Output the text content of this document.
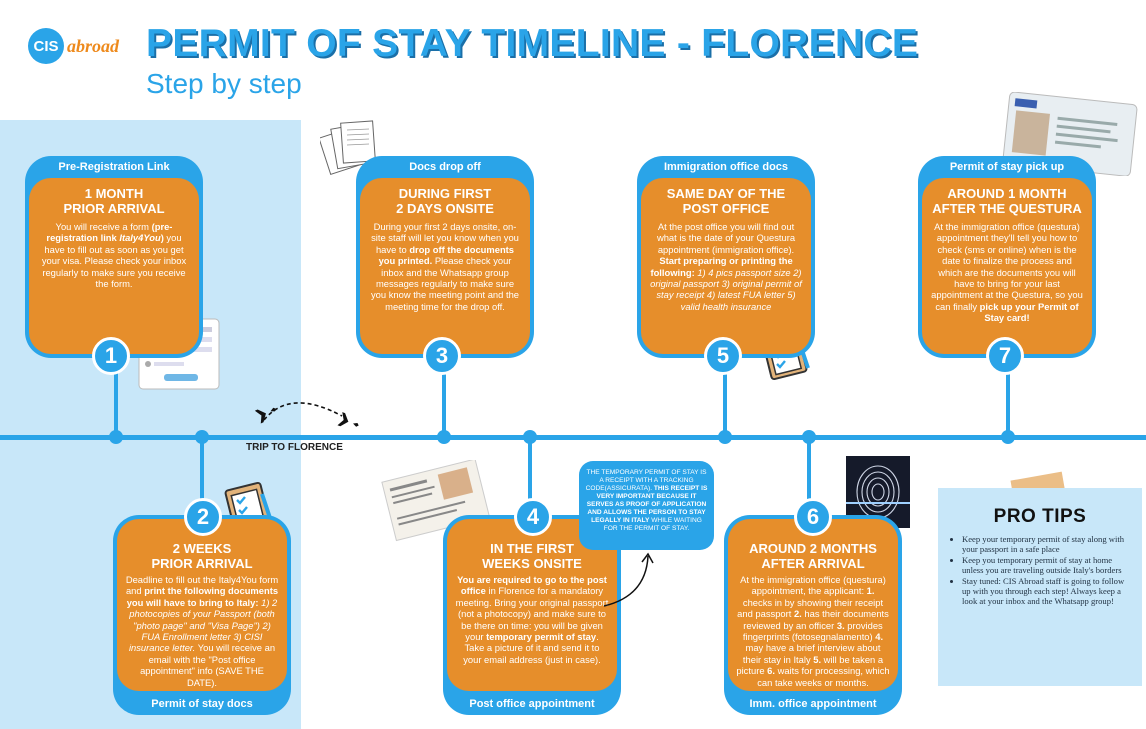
CIS abroad PERMIT OF STAY TIMELINE - FLORENCE
Step by step
TRIP TO FLORENCE
Pre-Registration Link
1 MONTH
PRIOR ARRIVAL
You will receive a form (pre-registration link Italy4You) you have to fill out as soon as you get your visa. Please check your inbox regularly to make sure you receive the form.
Docs drop off
DURING FIRST
2 DAYS ONSITE
During your first 2 days onsite, on-site staff will let you know when you have to drop off the documents you printed. Please check your inbox and the Whatsapp group messages regularly to make sure you know the meeting point and the meeting time for the drop off.
Immigration office docs
SAME DAY OF THE
POST OFFICE
At the post office you will find out what is the date of your Questura appointment (immigration office). Start preparing or printing the following: 1) 4 pics passport size 2) original passport 3) original permit of stay receipt 4) latest FUA letter 5) valid health insurance
Permit of stay pick up
AROUND 1 MONTH
AFTER THE QUESTURA
At the immigration office (questura) appointment they'll tell you how to check (sms or online) when is the date to finalize the process and which are the documents you will have to bring for your last appointment at the Questura, so you can finally pick up your Permit of Stay card!
2 WEEKS
PRIOR ARRIVAL
Deadline to fill out the Italy4You form and print the following documents you will have to bring to Italy: 1) 2 photocopies of your Passport (both "photo page" and "Visa Page") 2) FUA Enrollment letter 3) CISI insurance letter. You will receive an email with the "Post office appointment" info (SAVE THE DATE).
Permit of stay docs
IN THE FIRST
WEEKS ONSITE
You are required to go to the post office in Florence for a mandatory meeting. Bring your original passport (not a photocopy) and make sure to be there on time: you will be given your temporary permit of stay. Take a picture of it and send it to your email address (just in case).
Post office appointment
AROUND 2 MONTHS
AFTER ARRIVAL
At the immigration office (questura) appointment, the applicant: 1. checks in by showing their receipt and passport 2. has their documents reviewed by an officer 3. provides fingerprints (fotosegnalamento) 4. may have a brief interview about their stay in Italy 5. will be taken a picture 6. waits for processing, which can take weeks or months.
Imm. office appointment
1	3	5	7
2	4	6
THE TEMPORARY PERMIT OF STAY IS A RECEIPT WITH A TRACKING CODE(ASSICURATA). THIS RECEIPT IS VERY IMPORTANT BECAUSE IT SERVES AS PROOF OF APPLICATION AND ALLOWS THE PERSON TO STAY LEGALLY IN ITALY WHILE WAITING FOR THE PERMIT OF STAY.
PRO TIPS
• Keep your temporary permit of stay along with your passport in a safe place
• Keep you temporary permit of stay at home unless you are traveling outside Italy's borders
• Stay tuned: CIS Abroad staff is going to follow up with you through each step! Always keep a look at your inbox and the Whatsapp group!
